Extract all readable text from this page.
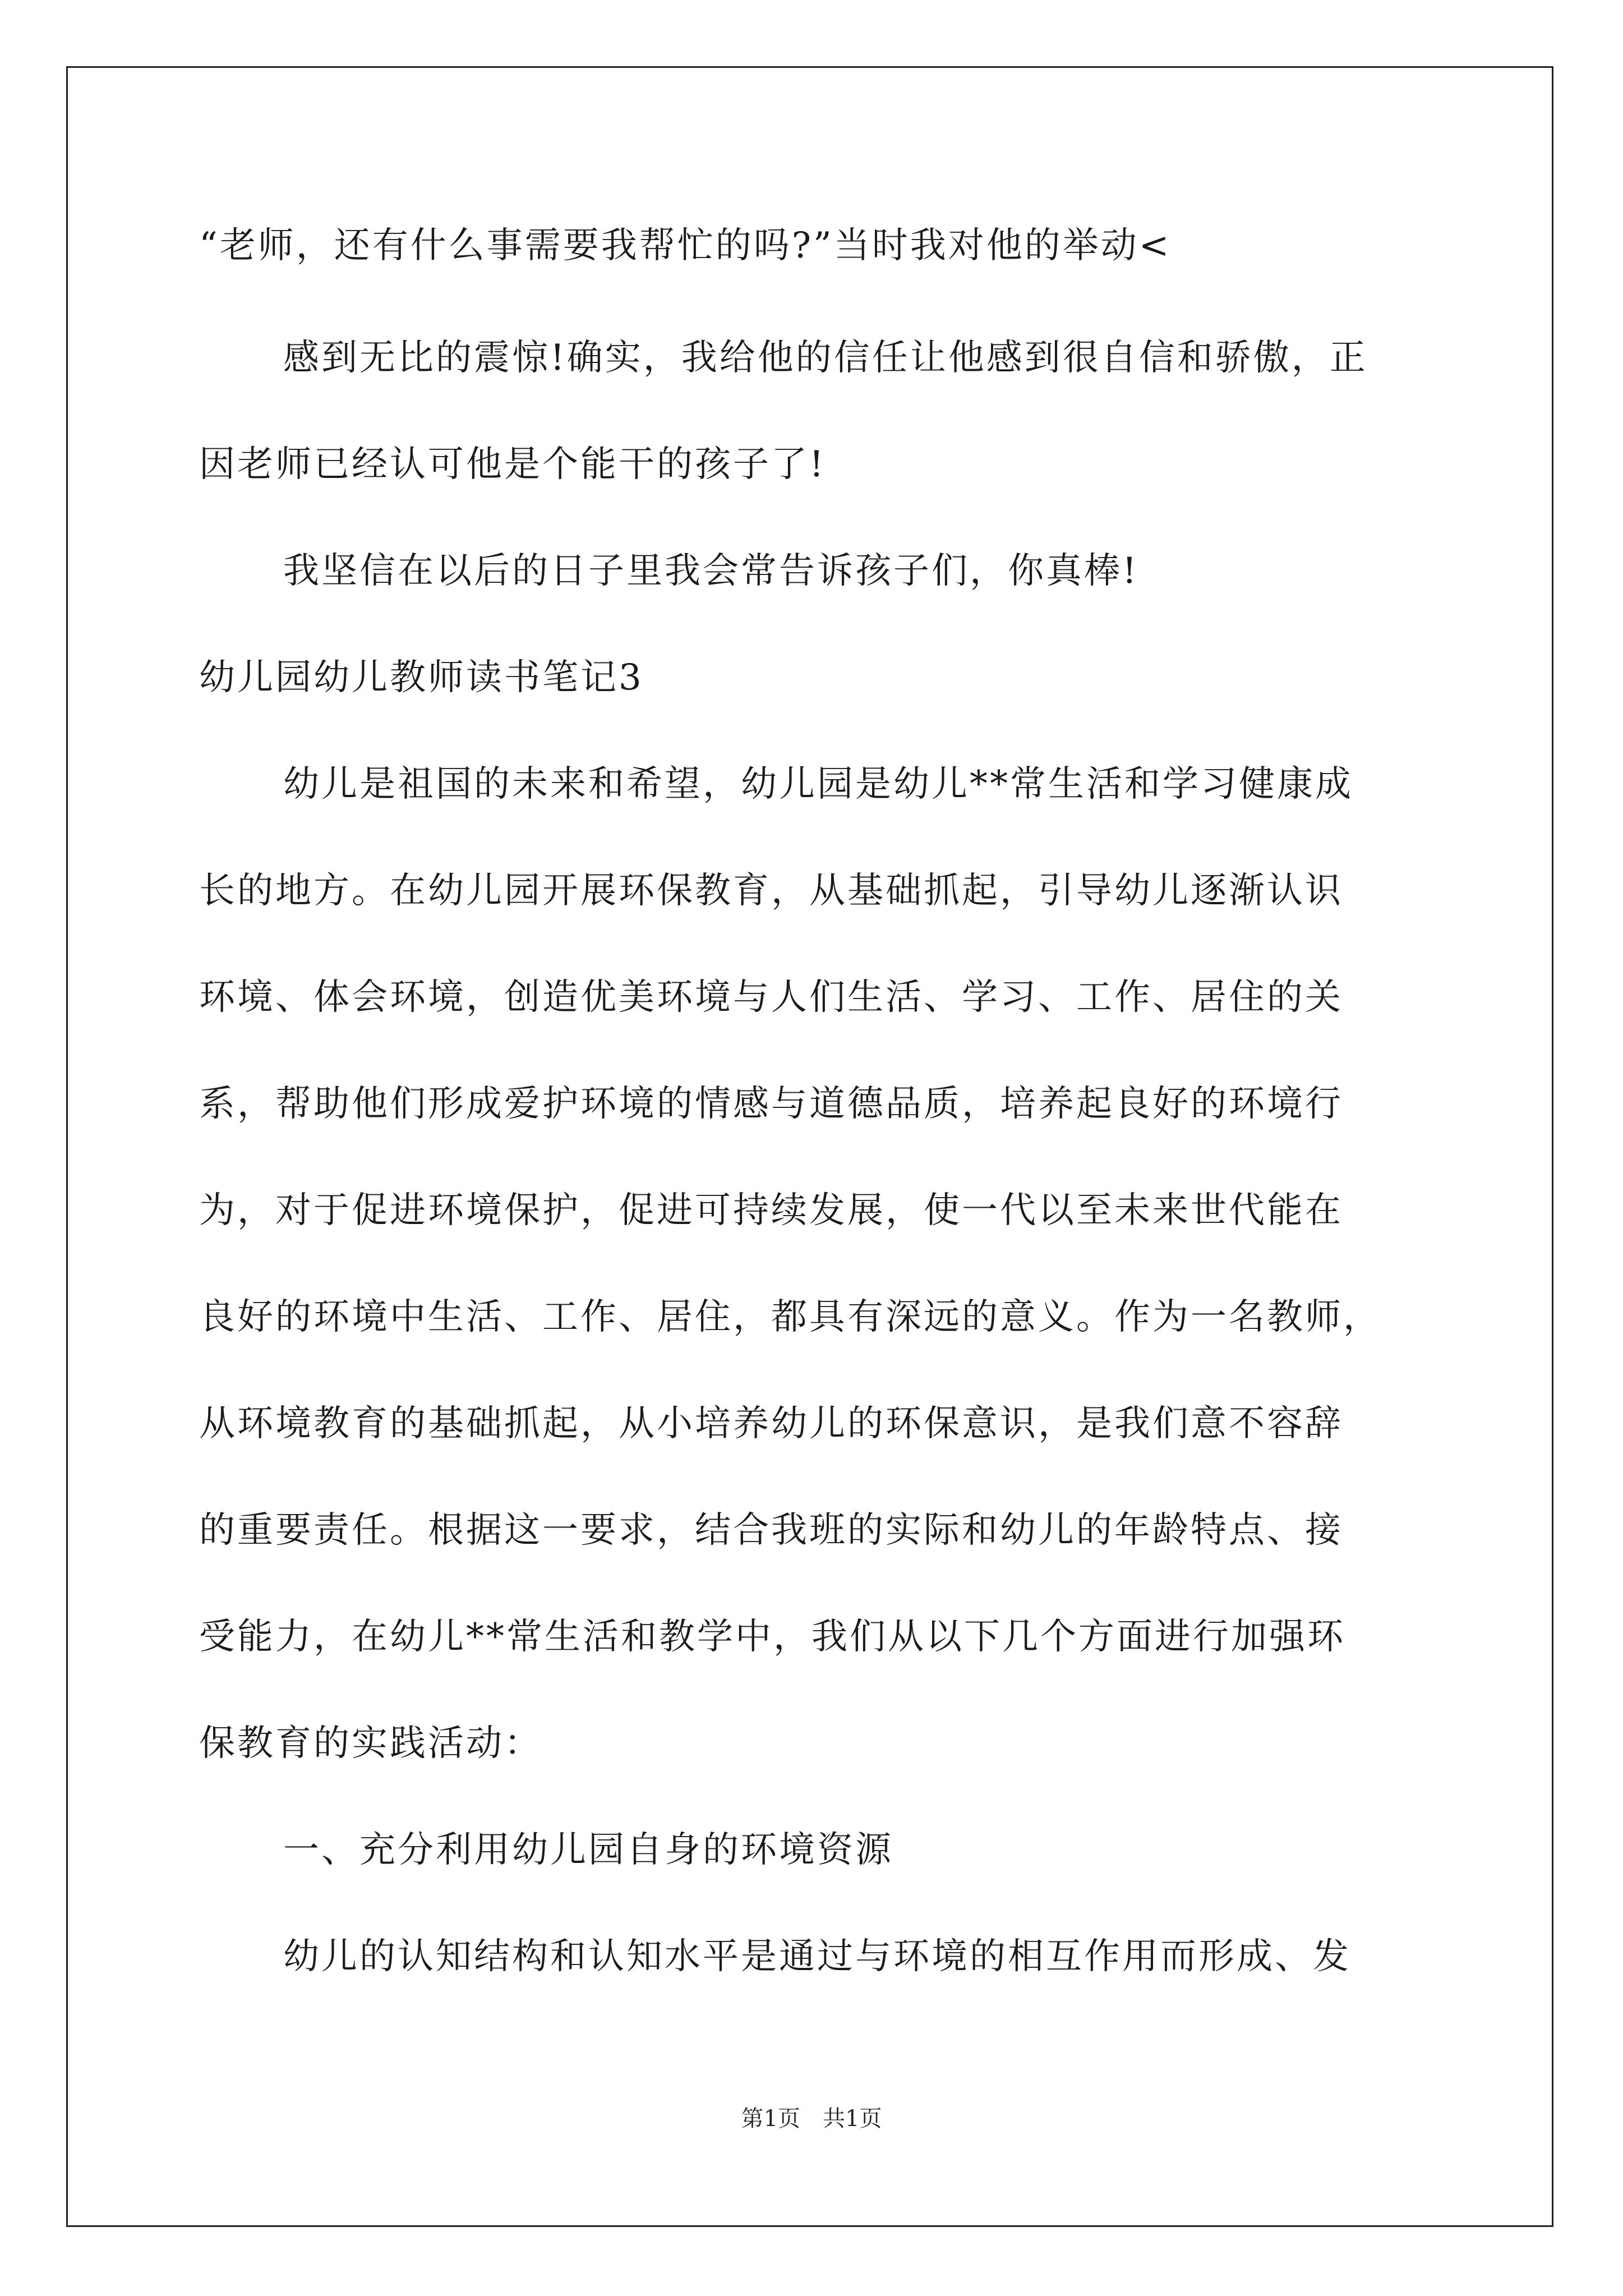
“老师，还有什么事需要我帮忙的吗?”当时我对他的举动<
感到无比的震惊!确实，我给他的信任让他感到很自信和骄傲，正
因老师已经认可他是个能干的孩子了!
我坚信在以后的日子里我会常告诉孩子们，你真棒!
幼儿园幼儿教师读书笔记3
幼儿是祖国的未来和希望，幼儿园是幼儿**常生活和学习健康成
长的地方。在幼儿园开展环保教育，从基础抓起，引导幼儿逐渐认识
环境、体会环境，创造优美环境与人们生活、学习、工作、居住的关
系，帮助他们形成爱护环境的情感与道德品质，培养起良好的环境行
为，对于促进环境保护，促进可持续发展，使一代以至未来世代能在
良好的环境中生活、工作、居住，都具有深远的意义。作为一名教师，
从环境教育的基础抓起，从小培养幼儿的环保意识，是我们意不容辞
的重要责任。根据这一要求，结合我班的实际和幼儿的年龄特点、接
受能力，在幼儿**常生活和教学中，我们从以下几个方面进行加强环
保教育的实践活动：
一、充分利用幼儿园自身的环境资源
幼儿的认知结构和认知水平是通过与环境的相互作用而形成、发
第1页　共1页
